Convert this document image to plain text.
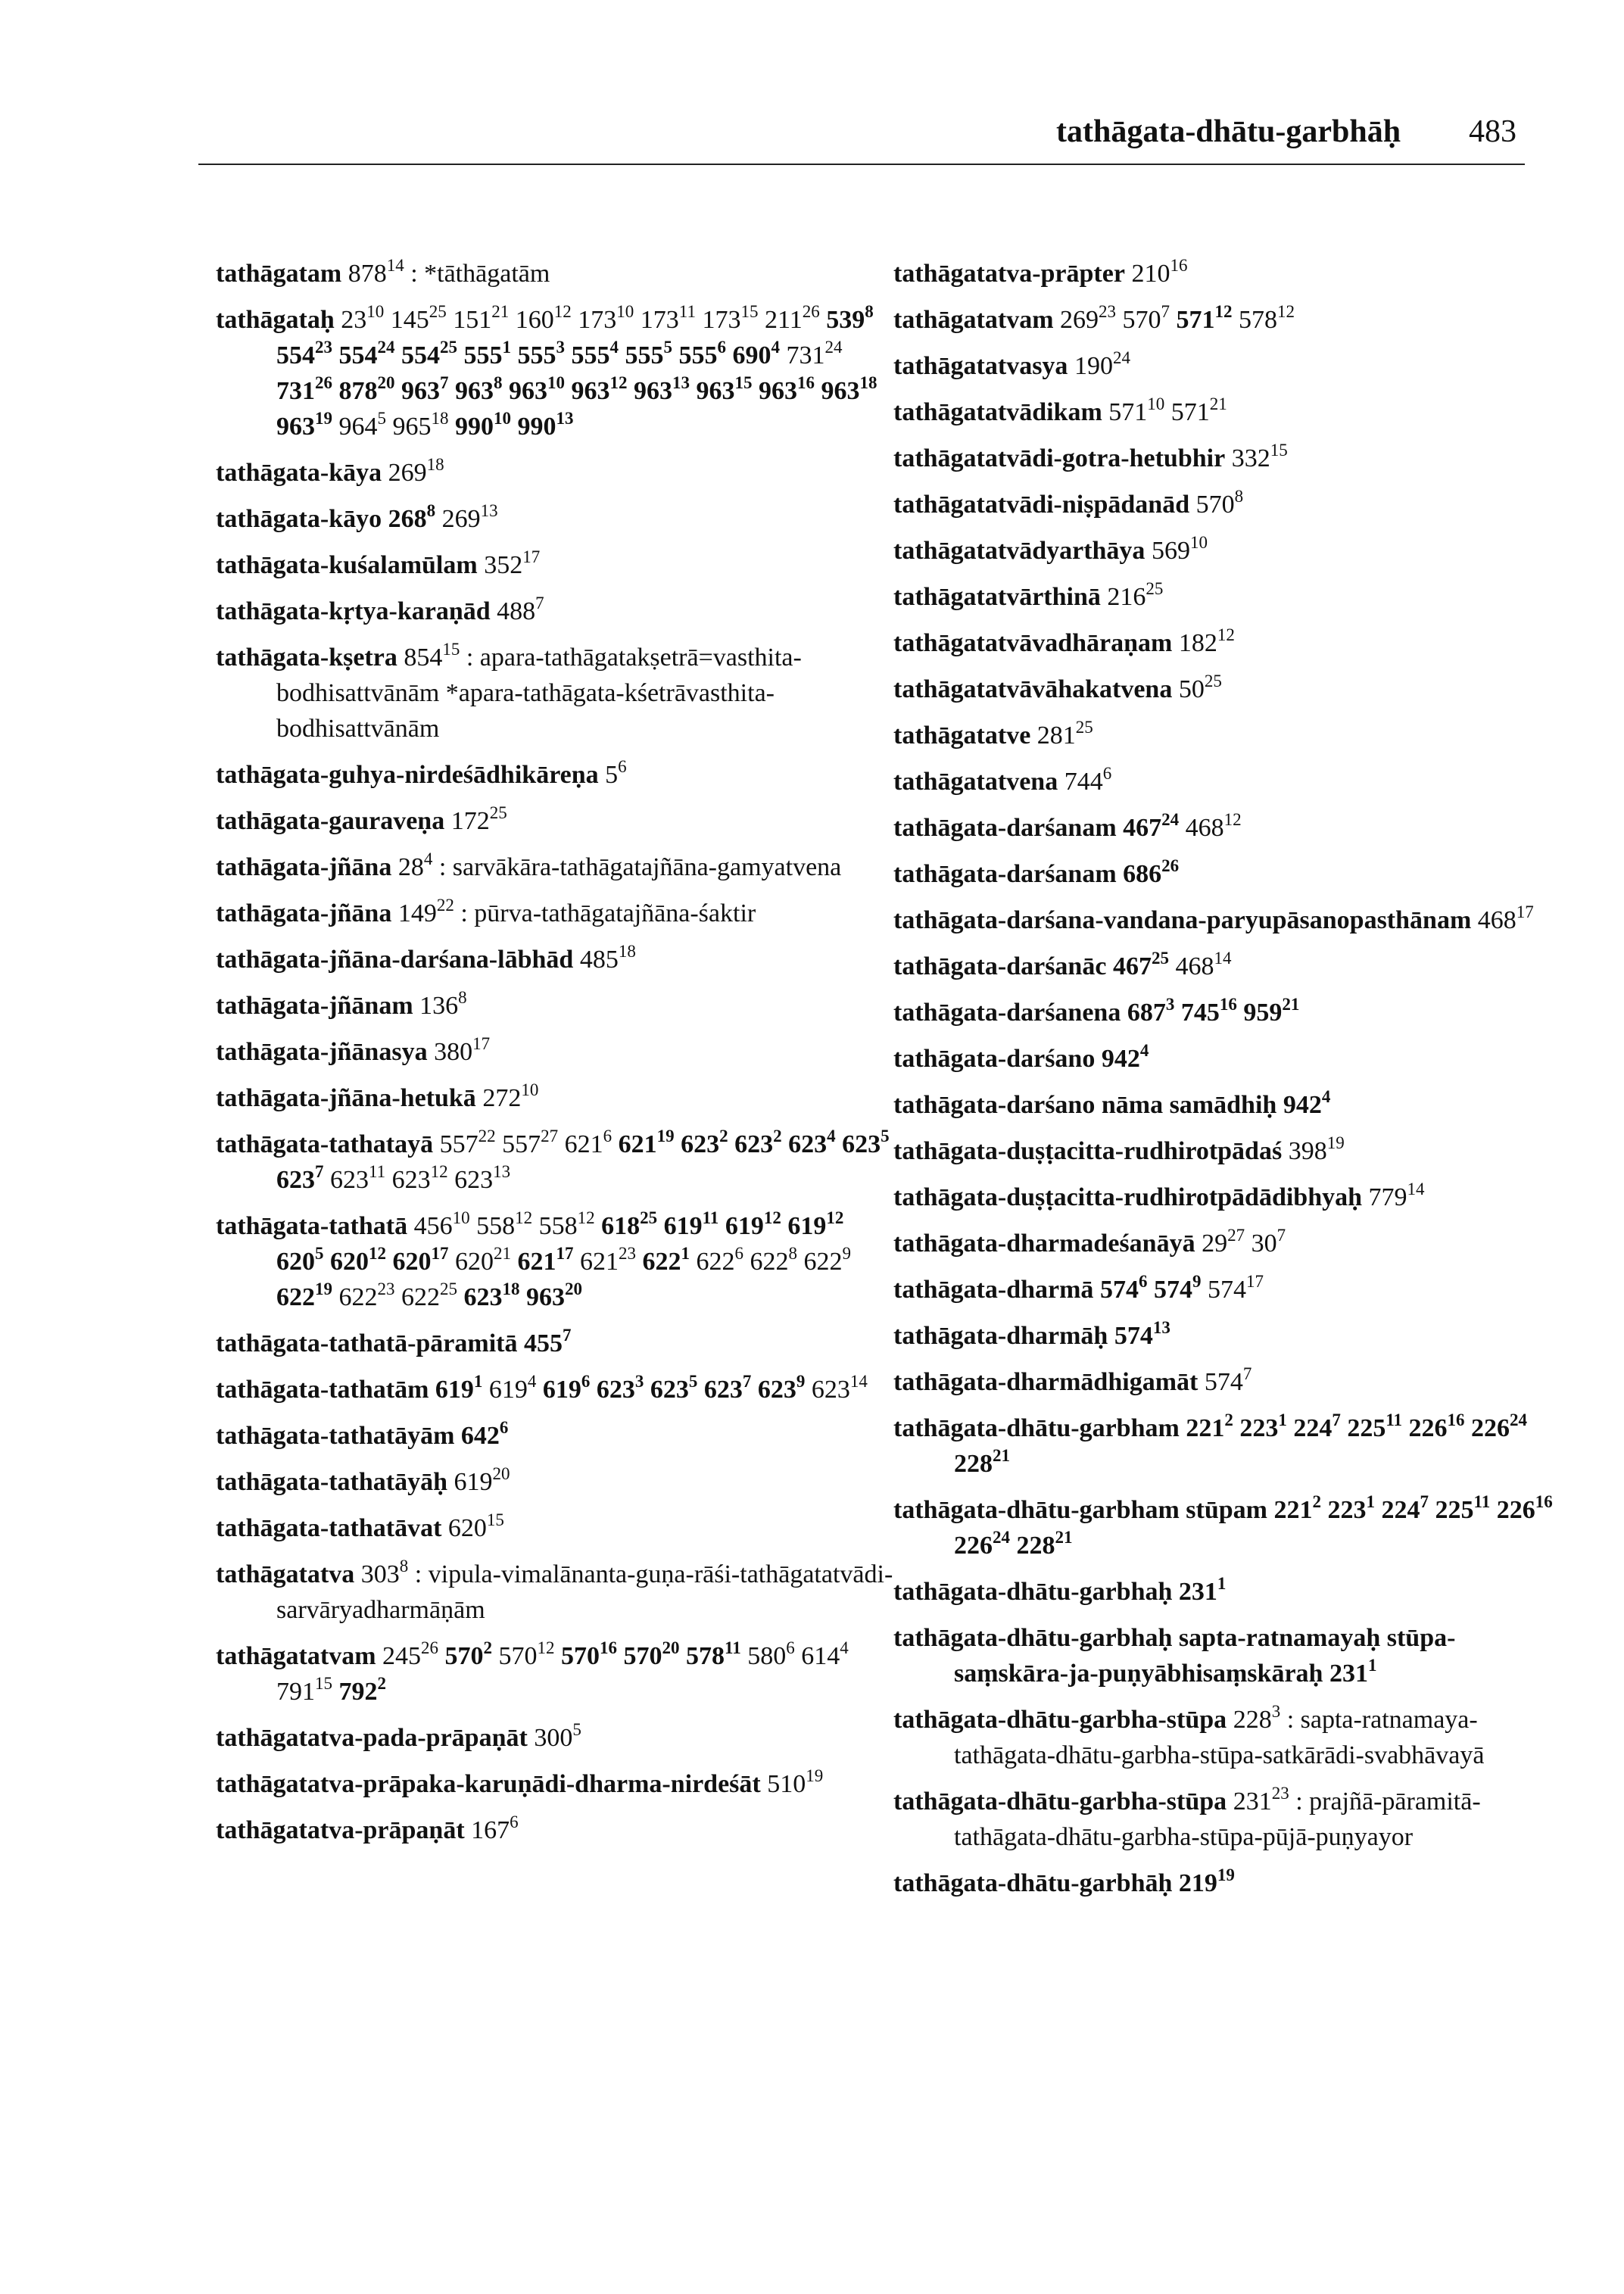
tathāgata-dhātu-garbhāḥ 483
tathāgatam $878^{14}$ : *tāthāgatām
tathāgataḥ $23^{10}$ $145^{25}$ $151^{21}$ $160^{12}$ $173^{10}$ $173^{11}$ $173^{15}$ $211^{26}$ $539^8$ $554^{23}$ $554^{24}$ $554^{25}$ $555^1$ $555^3$ $555^4$ $555^5$ $555^6$ $690^4$ $731^{24}$ $731^{26}$ $878^{20}$ $963^7$ $963^8$ $963^{10}$ $963^{12}$ $963^{13}$ $963^{15}$ $963^{16}$ $963^{18}$ $963^{19}$ $964^5$ $965^{18}$ $990^{10}$ $990^{13}$
tathāgata-kāya $269^{18}$
tathāgata-kāyo $268^8$ $269^{13}$
tathāgata-kuśalamūlam $352^{17}$
tathāgata-kṛtya-karaṇād $488^7$
tathāgata-kṣetra $854^{15}$ : apara-tathāgatakṣetrā=vasthita-bodhisattvānām *apara-tathāgata-kśetrāvasthita-bodhisattvānām
tathāgata-guhya-nirdeśādhikāreṇa $5^6$
tathāgata-gauraveṇa $172^{25}$
tathāgata-jñāna $28^4$ : sarvākāra-tathāgatajñāna-gamyatvena
tathāgata-jñāna $149^{22}$ : pūrva-tathāgatajñāna-śaktir
tathāgata-jñāna-darśana-lābhād $485^{18}$
tathāgata-jñānam $136^8$
tathāgata-jñānasya $380^{17}$
tathāgata-jñāna-hetukā $272^{10}$
tathāgata-tathatayā $557^{22}$ $557^{27}$ $621^6$ $621^{19}$ $623^2$ $623^2$ $623^4$ $623^5$ $623^7$ $623^{11}$ $623^{12}$ $623^{13}$
tathāgata-tathatā $456^{10}$ $558^{12}$ $558^{12}$ $618^{25}$ $619^{11}$ $619^{12}$ $619^{12}$ $620^5$ $620^{12}$ $620^{17}$ $620^{21}$ $621^{17}$ $621^{23}$ $622^1$ $622^6$ $622^8$ $622^9$ $622^{19}$ $622^{23}$ $622^{25}$ $623^{18}$ $963^{20}$
tathāgata-tathatā-pāramitā $455^7$
tathāgata-tathatām $619^1$ $619^4$ $619^6$ $623^3$ $623^5$ $623^7$ $623^9$ $623^{14}$
tathāgata-tathatāyām $642^6$
tathāgata-tathatāyāḥ $619^{20}$
tathāgata-tathatāvat $620^{15}$
tathāgatatva $303^8$ : vipula-vimalānanta-guṇa-rāśi-tathāgatatvādi-sarvāryadharmāṇām
tathāgatatvam $245^{26}$ $570^2$ $570^{12}$ $570^{16}$ $570^{20}$ $578^{11}$ $580^6$ $614^4$ $791^{15}$ $792^2$
tathāgatatva-pada-prāpaṇāt $300^5$
tathāgatatva-prāpaka-karuṇādi-dharma-nirdeśāt $510^{19}$
tathāgatatva-prāpaṇāt $167^6$
tathāgatatva-prāpter $210^{16}$
tathāgatatvam $269^{23}$ $570^7$ $571^{12}$ $578^{12}$
tathāgatatvasya $190^{24}$
tathāgatatvādikam $571^{10}$ $571^{21}$
tathāgatatvādi-gotra-hetubhir $332^{15}$
tathāgatatvādi-niṣpādanād $570^8$
tathāgatatvādyarthāya $569^{10}$
tathāgatatvārthinā $216^{25}$
tathāgatatvāvadhāraṇam $182^{12}$
tathāgatatvāvāhakatvena $50^{25}$
tathāgatatve $281^{25}$
tathāgatatvena $744^6$
tathāgata-darśanam $467^{24}$ $468^{12}$
tathāgata-darśanam $686^{26}$
tathāgata-darśana-vandana-paryupāsanopasthānam $468^{17}$
tathāgata-darśanāc $467^{25}$ $468^{14}$
tathāgata-darśanena $687^3$ $745^{16}$ $959^{21}$
tathāgata-darśano $942^4$
tathāgata-darśano nāma samādhiḥ $942^4$
tathāgata-duṣṭacitta-rudhirotpādaś $398^{19}$
tathāgata-duṣṭacitta-rudhirotpādādibhyaḥ $779^{14}$
tathāgata-dharmadeśanāyā $29^{27}$ $30^7$
tathāgata-dharmā $574^6$ $574^9$ $574^{17}$
tathāgata-dharmāḥ $574^{13}$
tathāgata-dharmādhigamāt $574^7$
tathāgata-dhātu-garbham $221^2$ $223^1$ $224^7$ $225^{11}$ $226^{16}$ $226^{24}$ $228^{21}$
tathāgata-dhātu-garbham stūpam $221^2$ $223^1$ $224^7$ $225^{11}$ $226^{16}$ $226^{24}$ $228^{21}$
tathāgata-dhātu-garbhaḥ $231^1$
tathāgata-dhātu-garbhaḥ sapta-ratnamayaḥ stūpa-saṃskāra-ja-puṇyābhisaṃskāraḥ $231^1$
tathāgata-dhātu-garbha-stūpa $228^3$ : sapta-ratnamaya-tathāgata-dhātu-garbha-stūpa-satkārādi-svabhāvayā
tathāgata-dhātu-garbha-stūpa $231^{23}$ : prajñā-pāramitā-tathāgata-dhātu-garbha-stūpa-pūjā-puṇyayor
tathāgata-dhātu-garbhāḥ $219^{19}$
